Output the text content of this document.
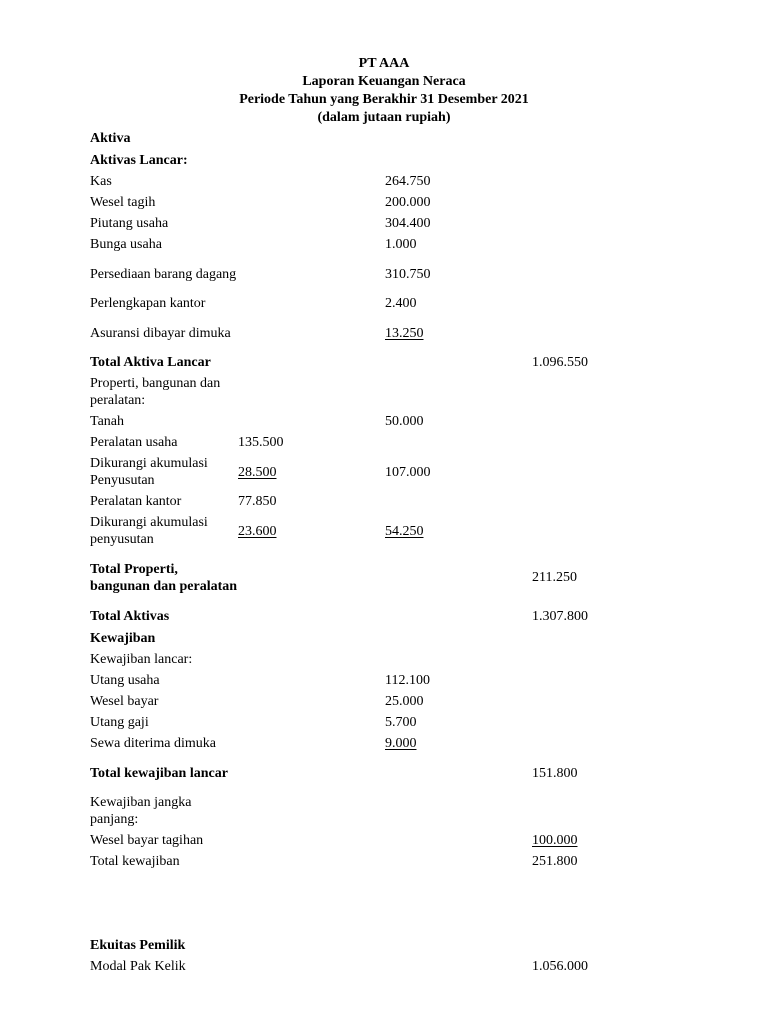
PT AAA
Laporan Keuangan Neraca
Periode Tahun yang Berakhir 31 Desember 2021
(dalam jutaan rupiah)
Aktiva			
Aktivas Lancar:			
Kas		264.750	
Wesel tagih		200.000	
Piutang usaha		304.400	
Bunga usaha		1.000	
Persediaan barang dagang		310.750	
Perlengkapan kantor		2.400	
Asuransi dibayar dimuka		13.250	
Total Aktiva Lancar			1.096.550
Properti, bangunan dan peralatan:			
Tanah		50.000	
Peralatan usaha	135.500		
Dikurangi akumulasi Penyusutan	28.500	107.000	
Peralatan kantor	77.850		
Dikurangi akumulasi penyusutan	23.600	54.250	
Total Properti, bangunan dan peralatan			211.250
Total Aktivas			1.307.800
Kewajiban			
Kewajiban lancar:			
Utang usaha		112.100	
Wesel bayar		25.000	
Utang gaji		5.700	
Sewa diterima dimuka		9.000	
Total kewajiban lancar			151.800
Kewajiban jangka panjang:			
Wesel bayar tagihan			100.000
Total kewajiban			251.800

Ekuitas Pemilik			
Modal Pak Kelik			1.056.000
